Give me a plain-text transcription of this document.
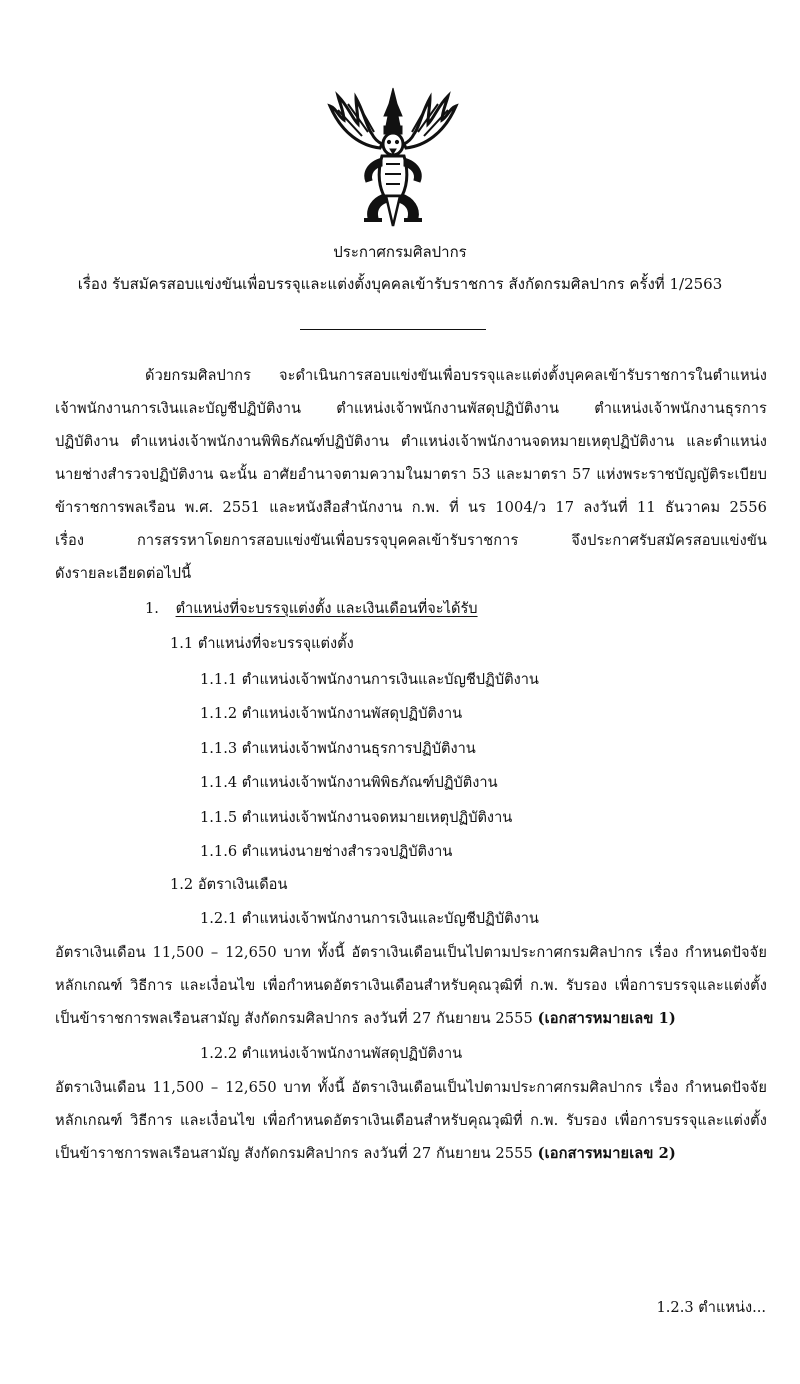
ประกาศกรมศิลปากร
เรื่อง รับสมัครสอบแข่งขันเพื่อบรรจุและแต่งตั้งบุคคลเข้ารับราชการ สังกัดกรมศิลปากร ครั้งที่ 1/2563
ด้วยกรมศิลปากร จะดำเนินการสอบแข่งขันเพื่อบรรจุและแต่งตั้งบุคคลเข้ารับราชการในตำแหน่ง
เจ้าพนักงานการเงินและบัญชีปฏิบัติงาน ตำแหน่งเจ้าพนักงานพัสดุปฏิบัติงาน ตำแหน่งเจ้าพนักงานธุรการ
ปฏิบัติงาน ตำแหน่งเจ้าพนักงานพิพิธภัณฑ์ปฏิบัติงาน ตำแหน่งเจ้าพนักงานจดหมายเหตุปฏิบัติงาน และตำแหน่ง
นายช่างสำรวจปฏิบัติงาน ฉะนั้น อาศัยอำนาจตามความในมาตรา 53 และมาตรา 57 แห่งพระราชบัญญัติระเบียบ
ข้าราชการพลเรือน พ.ศ. 2551 และหนังสือสำนักงาน ก.พ. ที่ นร 1004/ว 17 ลงวันที่ 11 ธันวาคม 2556
เรื่อง การสรรหาโดยการสอบแข่งขันเพื่อบรรจุบุคคลเข้ารับราชการ จึงประกาศรับสมัครสอบแข่งขัน
ดังรายละเอียดต่อไปนี้
1. ตำแหน่งที่จะบรรจุแต่งตั้ง และเงินเดือนที่จะได้รับ
1.1 ตำแหน่งที่จะบรรจุแต่งตั้ง
1.1.1 ตำแหน่งเจ้าพนักงานการเงินและบัญชีปฏิบัติงาน
1.1.2 ตำแหน่งเจ้าพนักงานพัสดุปฏิบัติงาน
1.1.3 ตำแหน่งเจ้าพนักงานธุรการปฏิบัติงาน
1.1.4 ตำแหน่งเจ้าพนักงานพิพิธภัณฑ์ปฏิบัติงาน
1.1.5 ตำแหน่งเจ้าพนักงานจดหมายเหตุปฏิบัติงาน
1.1.6 ตำแหน่งนายช่างสำรวจปฏิบัติงาน
1.2 อัตราเงินเดือน
1.2.1 ตำแหน่งเจ้าพนักงานการเงินและบัญชีปฏิบัติงาน
อัตราเงินเดือน 11,500 – 12,650 บาท ทั้งนี้ อัตราเงินเดือนเป็นไปตามประกาศกรมศิลปากร เรื่อง กำหนดปัจจัย
หลักเกณฑ์ วิธีการ และเงื่อนไข เพื่อกำหนดอัตราเงินเดือนสำหรับคุณวุฒิที่ ก.พ. รับรอง เพื่อการบรรจุและแต่งตั้ง
เป็นข้าราชการพลเรือนสามัญ สังกัดกรมศิลปากร ลงวันที่ 27 กันยายน 2555 (เอกสารหมายเลข 1)
1.2.2 ตำแหน่งเจ้าพนักงานพัสดุปฏิบัติงาน
อัตราเงินเดือน 11,500 – 12,650 บาท ทั้งนี้ อัตราเงินเดือนเป็นไปตามประกาศกรมศิลปากร เรื่อง กำหนดปัจจัย
หลักเกณฑ์ วิธีการ และเงื่อนไข เพื่อกำหนดอัตราเงินเดือนสำหรับคุณวุฒิที่ ก.พ. รับรอง เพื่อการบรรจุและแต่งตั้ง
เป็นข้าราชการพลเรือนสามัญ สังกัดกรมศิลปากร ลงวันที่ 27 กันยายน 2555 (เอกสารหมายเลข 2)
1.2.3 ตำแหน่ง...
